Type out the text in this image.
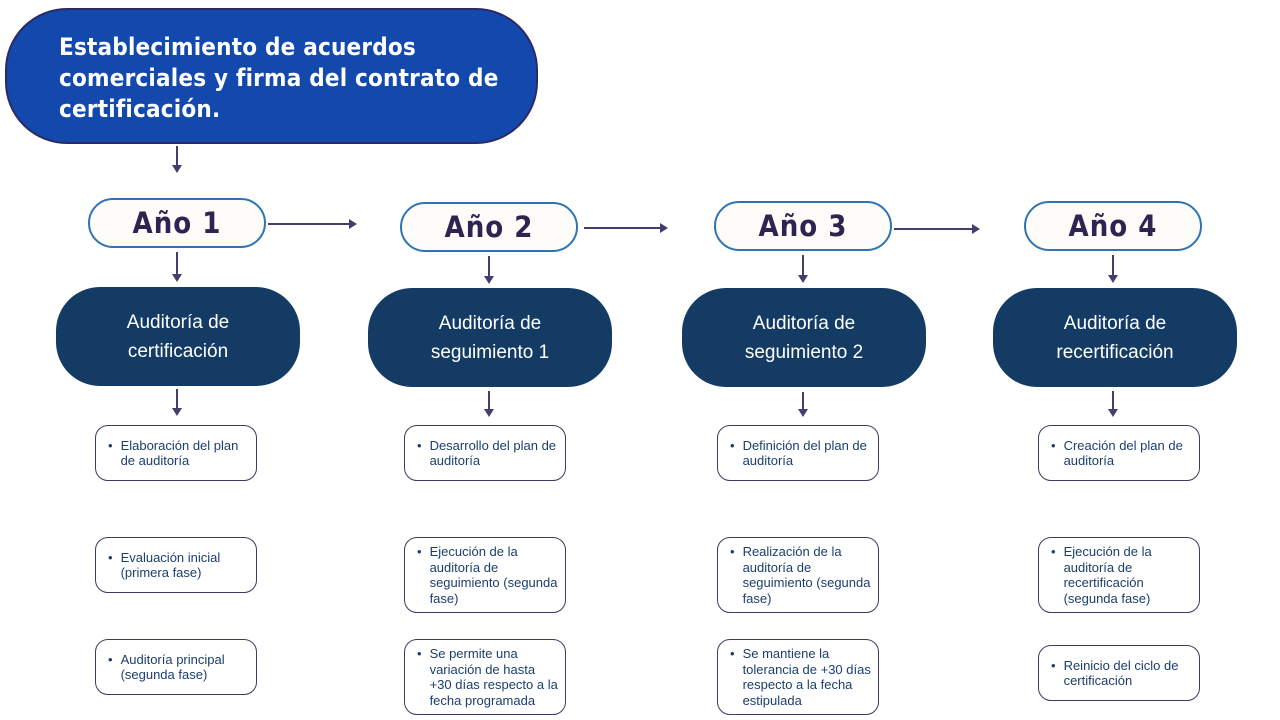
Establecimiento de acuerdos
comerciales y firma del contrato de
certificación.
Año 1	Año 2	Año 3	Año 4
Auditoría de certificación
Auditoría de seguimiento 1
Auditoría de seguimiento 2
Auditoría de recertificación
•
Elaboración del plan de auditoría
•
Evaluación inicial (primera fase)
•
Auditoría principal (segunda fase)
•
Desarrollo del plan de auditoría
•
Ejecución de la auditoría de seguimiento (segunda fase)
•
Se permite una variación de hasta +30 días respecto a la fecha programada
•
Definición del plan de auditoría
•
Realización de la auditoría de seguimiento (segunda fase)
•
Se mantiene la tolerancia de +30 días respecto a la fecha estipulada
•
Creación del plan de auditoría
•
Ejecución de la auditoría de recertificación (segunda fase)
•
Reinicio del ciclo de certificación
